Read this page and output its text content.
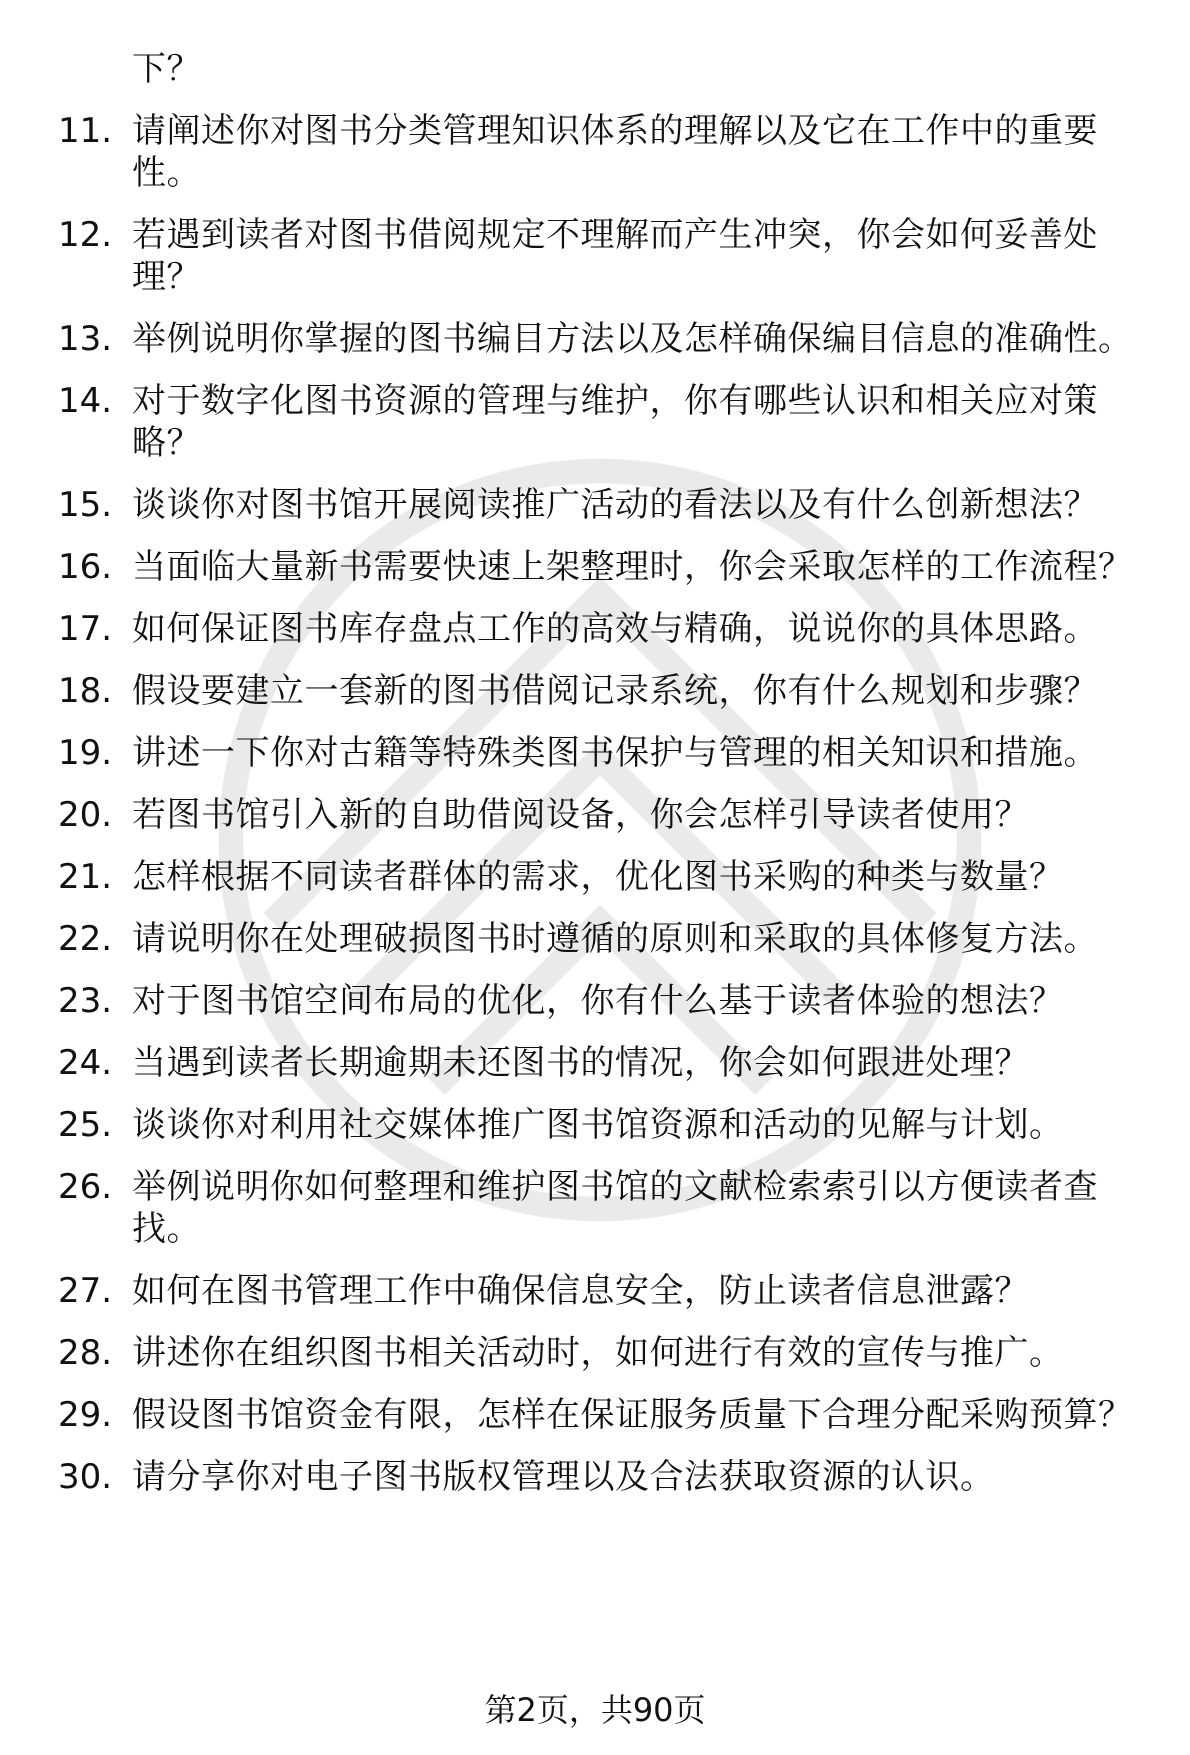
下？
11. 请阐述你对图书分类管理知识体系的理解以及它在工作中的重要性。
12. 若遇到读者对图书借阅规定不理解而产生冲突，你会如何妥善处理？
13. 举例说明你掌握的图书编目方法以及怎样确保编目信息的准确性。
14. 对于数字化图书资源的管理与维护，你有哪些认识和相关应对策略？
15. 谈谈你对图书馆开展阅读推广活动的看法以及有什么创新想法？
16. 当面临大量新书需要快速上架整理时，你会采取怎样的工作流程？
17. 如何保证图书库存盘点工作的高效与精确，说说你的具体思路。
18. 假设要建立一套新的图书借阅记录系统，你有什么规划和步骤？
19. 讲述一下你对古籍等特殊类图书保护与管理的相关知识和措施。
20. 若图书馆引入新的自助借阅设备，你会怎样引导读者使用？
21. 怎样根据不同读者群体的需求，优化图书采购的种类与数量？
22. 请说明你在处理破损图书时遵循的原则和采取的具体修复方法。
23. 对于图书馆空间布局的优化，你有什么基于读者体验的想法？
24. 当遇到读者长期逾期未还图书的情况，你会如何跟进处理？
25. 谈谈你对利用社交媒体推广图书馆资源和活动的见解与计划。
26. 举例说明你如何整理和维护图书馆的文献检索索引以方便读者查找。
27. 如何在图书管理工作中确保信息安全，防止读者信息泄露？
28. 讲述你在组织图书相关活动时，如何进行有效的宣传与推广。
29. 假设图书馆资金有限，怎样在保证服务质量下合理分配采购预算？
30. 请分享你对电子图书版权管理以及合法获取资源的认识。
第2页，共90页
